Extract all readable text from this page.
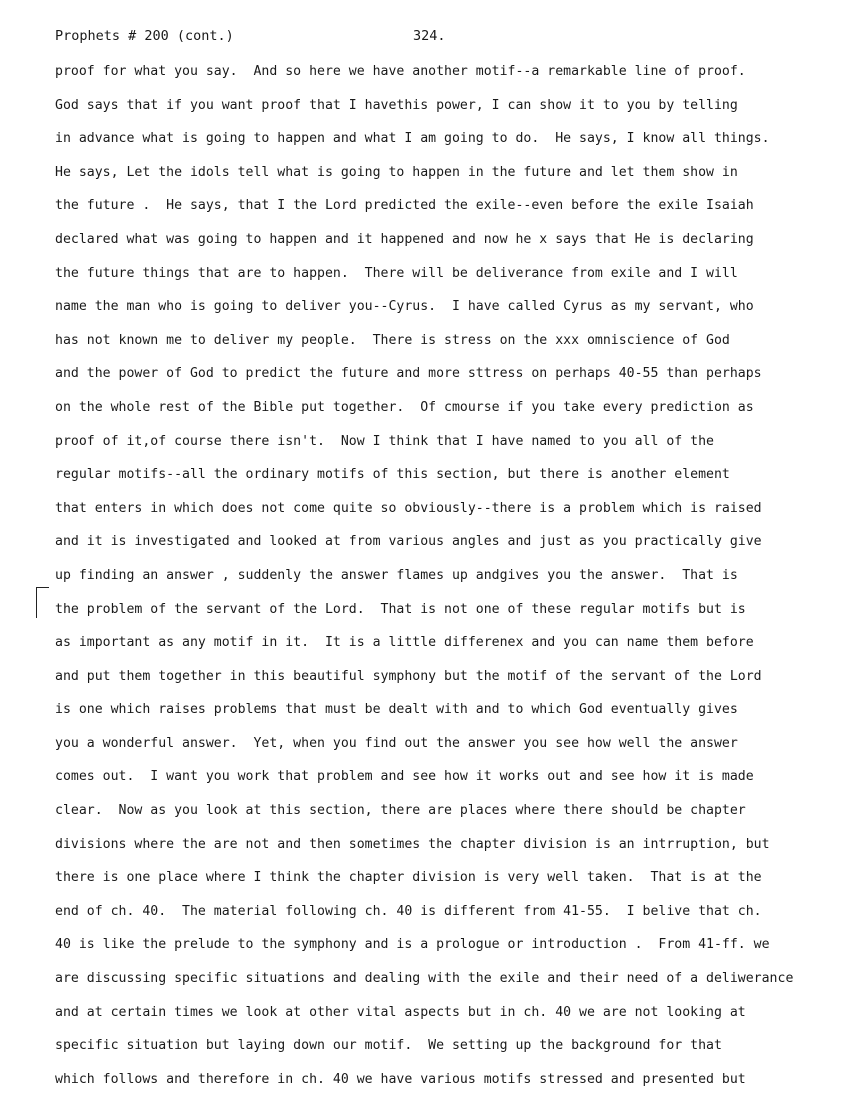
Prophets # 200 (cont.)	324.
proof for what you say.  And so here we have another motif--a remarkable line of proof.
God says that if you want proof that I havethis power, I can show it to you by telling
in advance what is going to happen and what I am going to do.  He says, I know all things.
He says, Let the idols tell what is going to happen in the future and let them show in
the future .  He says, that I the Lord predicted the exile--even before the exile Isaiah
declared what was going to happen and it happened and now he x says that He is declaring
the future things that are to happen.  There will be deliverance from exile and I will
name the man who is going to deliver you--Cyrus.  I have called Cyrus as my servant, who
has not known me to deliver my people.  There is stress on the xxx omniscience of God
and the power of God to predict the future and more sttress on perhaps 40-55 than perhaps
on the whole rest of the Bible put together.  Of cmourse if you take every prediction as
proof of it,of course there isn't.  Now I think that I have named to you all of the
regular motifs--all the ordinary motifs of this section, but there is another element
that enters in which does not come quite so obviously--there is a problem which is raised
and it is investigated and looked at from various angles and just as you practically give
up finding an answer , suddenly the answer flames up andgives you the answer.  That is
the problem of the servant of the Lord.  That is not one of these regular motifs but is
as important as any motif in it.  It is a little differenex and you can name them before
and put them together in this beautiful symphony but the motif of the servant of the Lord
is one which raises problems that must be dealt with and to which God eventually gives
you a wonderful answer.  Yet, when you find out the answer you see how well the answer
comes out.  I want you work that problem and see how it works out and see how it is made
clear.  Now as you look at this section, there are places where there should be chapter
divisions where the are not and then sometimes the chapter division is an intrruption, but
there is one place where I think the chapter division is very well taken.  That is at the
end of ch. 40.  The material following ch. 40 is different from 41-55.  I belive that ch.
40 is like the prelude to the symphony and is a prologue or introduction .  From 41-ff. we
are discussing specific situations and dealing with the exile and their need of a deliwerance
and at certain times we look at other vital aspects but in ch. 40 we are not looking at
specific situation but laying down our motif.  We setting up the background for that
which follows and therefore in ch. 40 we have various motifs stressed and presented but
